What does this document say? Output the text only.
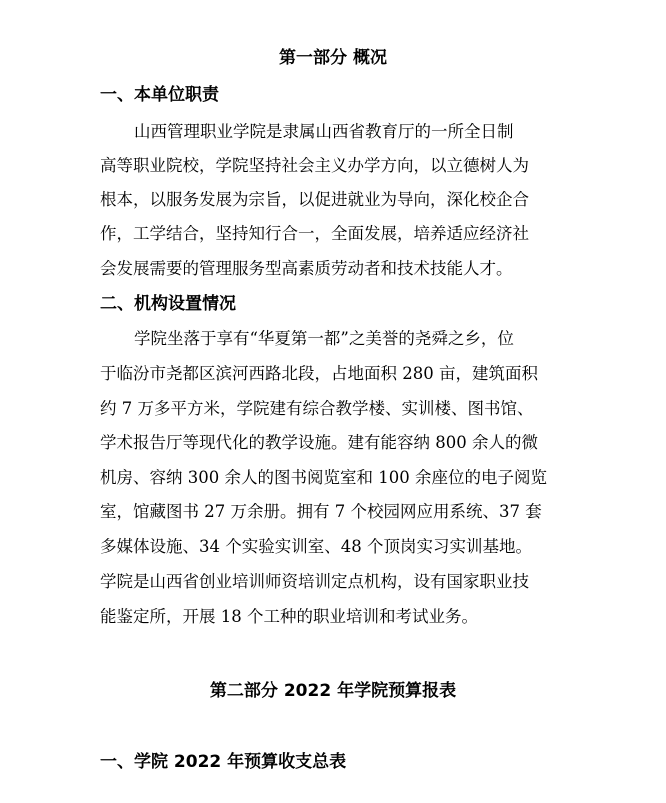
第一部分 概况
一、本单位职责
山西管理职业学院是隶属山西省教育厅的一所全日制
高等职业院校，学院坚持社会主义办学方向，以立德树人为
根本，以服务发展为宗旨，以促进就业为导向，深化校企合
作，工学结合，坚持知行合一，全面发展，培养适应经济社
会发展需要的管理服务型高素质劳动者和技术技能人才。
二、机构设置情况
学院坐落于享有“华夏第一都”之美誉的尧舜之乡，位
于临汾市尧都区滨河西路北段，占地面积 280 亩，建筑面积
约 7 万多平方米，学院建有综合教学楼、实训楼、图书馆、
学术报告厅等现代化的教学设施。建有能容纳 800 余人的微
机房、容纳 300 余人的图书阅览室和 100 余座位的电子阅览
室，馆藏图书 27 万余册。拥有 7 个校园网应用系统、37 套
多媒体设施、34 个实验实训室、48 个顶岗实习实训基地。
学院是山西省创业培训师资培训定点机构，设有国家职业技
能鉴定所，开展 18 个工种的职业培训和考试业务。
第二部分 2022 年学院预算报表
一、学院 2022 年预算收支总表
